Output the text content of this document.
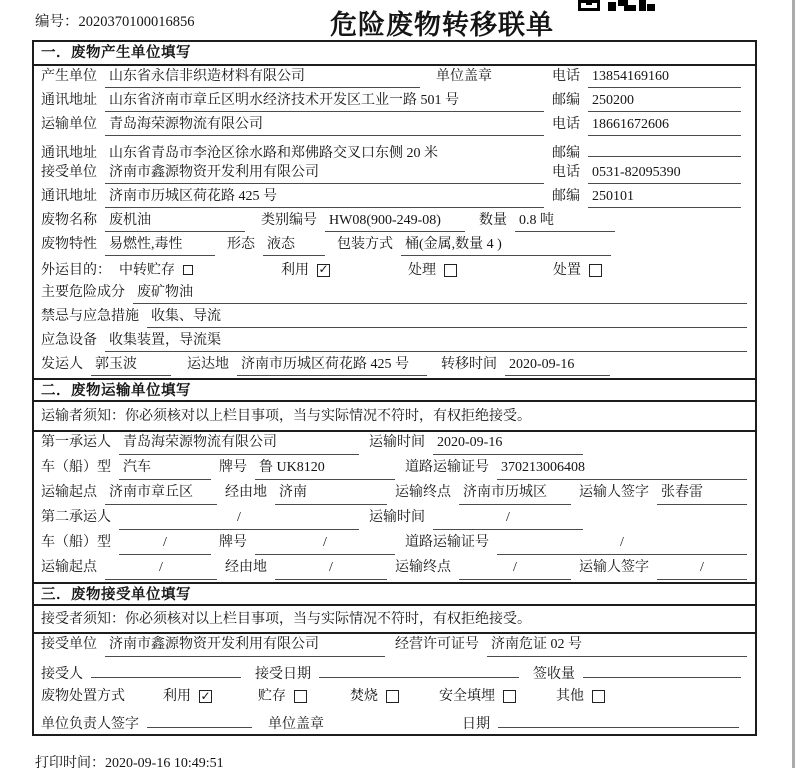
编号：2020370100016856	危险废物转移联单
一．废物产生单位填写
产生单位 山东省永信非织造材料有限公司	单位盖章	电话 13854169160
通讯地址 山东省济南市章丘区明水经济技术开发区工业一路 501 号	邮编 250200
运输单位 青岛海荣源物流有限公司	电话 18661672606
通讯地址 山东省青岛市李沧区徐水路和郑佛路交叉口东侧 20 米	邮编
接受单位 济南市鑫源物资开发利用有限公司	电话 0531-82095390
通讯地址 济南市历城区荷花路 425 号	邮编 250101
废物名称 废机油	类别编号 HW08(900-249-08)	数量 0.8 吨
废物特性 易燃性,毒性	形态 液态	包装方式 桶(金属,数量 4 )
外运目的： 中转贮存	利用 ✓	处理	处置
主要危险成分 废矿物油
禁忌与应急措施 收集、导流
应急设备 收集装置，导流渠
发运人 郭玉波	运达地 济南市历城区荷花路 425 号	转移时间 2020-09-16
二．废物运输单位填写
运输者须知：你必须核对以上栏目事项，当与实际情况不符时，有权拒绝接受。
第一承运人 青岛海荣源物流有限公司	运输时间 2020-09-16
车（船）型 汽车	牌号 鲁 UK8120	道路运输证号 370213006408
运输起点 济南市章丘区	经由地 济南	运输终点 济南市历城区	运输人签字 张春雷
第二承运人	/	运输时间	/
车（船）型	/	牌号	/	道路运输证号	/
运输起点	/	经由地	/	运输终点	/	运输人签字	/
三．废物接受单位填写
接受者须知：你必须核对以上栏目事项，当与实际情况不符时，有权拒绝接受。
接受单位 济南市鑫源物资开发利用有限公司	经营许可证号 济南危证 02 号
接受人	接受日期	签收量
废物处置方式	利用 ✓	贮存	焚烧	安全填埋	其他
单位负责人签字	单位盖章	日期
打印时间：2020-09-16 10:49:51
